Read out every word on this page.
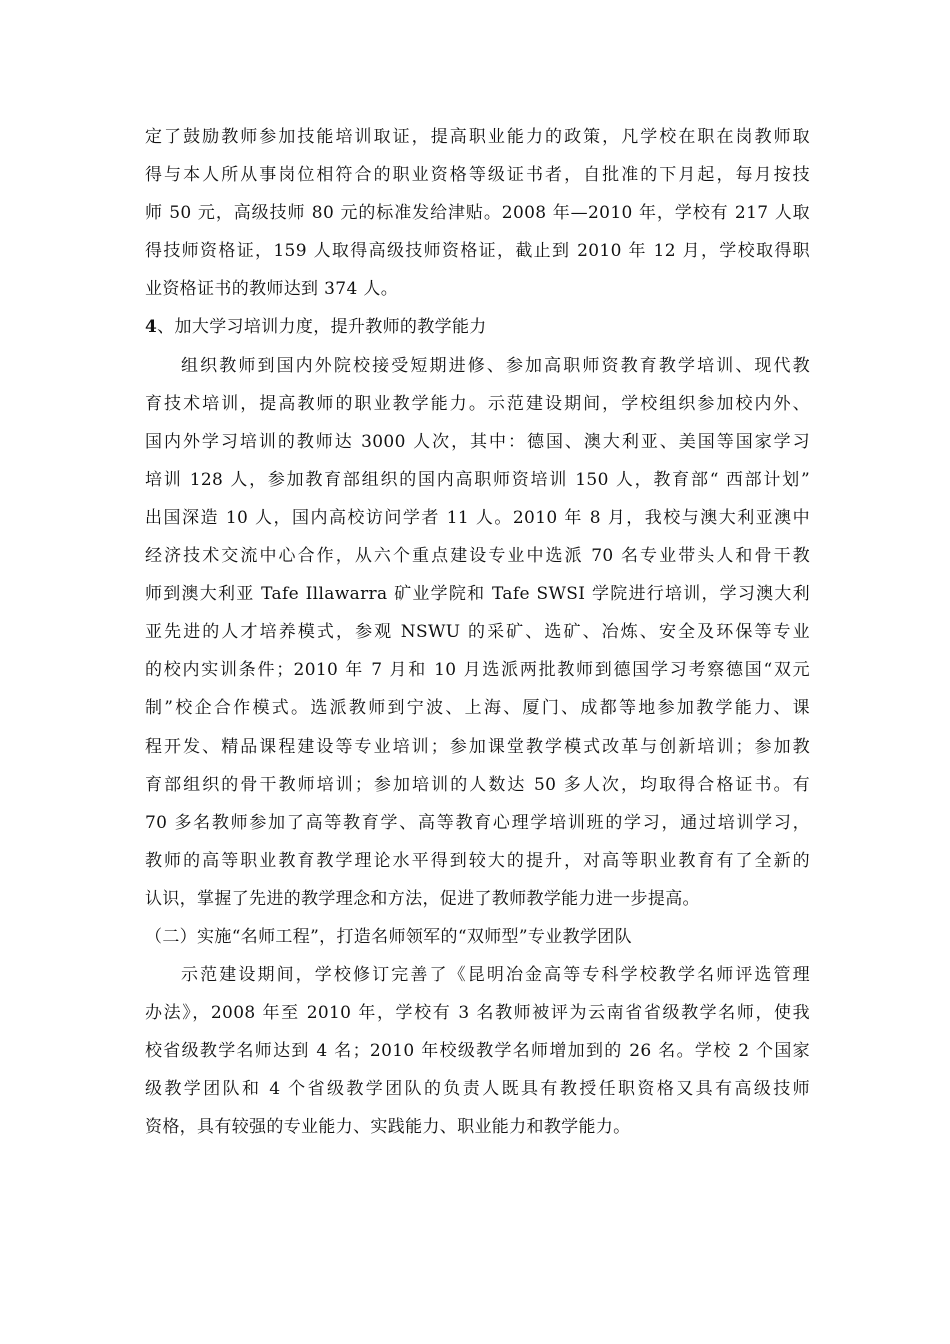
定了鼓励教师参加技能培训取证，提高职业能力的政策，凡学校在职在岗教师取
得与本人所从事岗位相符合的职业资格等级证书者，自批准的下月起，每月按技
师 50 元，高级技师 80 元的标准发给津贴。2008 年—2010 年，学校有 217 人取
得技师资格证，159 人取得高级技师资格证，截止到 2010 年 12 月，学校取得职
业资格证书的教师达到 374 人。
4、加大学习培训力度，提升教师的教学能力
组织教师到国内外院校接受短期进修、参加高职师资教育教学培训、现代教
育技术培训，提高教师的职业教学能力。示范建设期间，学校组织参加校内外、
国内外学习培训的教师达 3000 人次，其中：德国、澳大利亚、美国等国家学习
培训 128 人，参加教育部组织的国内高职师资培训 150 人，教育部“ 西部计划”
出国深造 10 人，国内高校访问学者 11 人。2010 年 8 月，我校与澳大利亚澳中
经济技术交流中心合作，从六个重点建设专业中选派 70 名专业带头人和骨干教
师到澳大利亚 Tafe Illawarra 矿业学院和 Tafe SWSI 学院进行培训，学习澳大利
亚先进的人才培养模式，参观 NSWU 的采矿、选矿、冶炼、安全及环保等专业
的校内实训条件；2010 年 7 月和 10 月选派两批教师到德国学习考察德国“双元
制”校企合作模式。选派教师到宁波、上海、厦门、成都等地参加教学能力、课
程开发、精品课程建设等专业培训；参加课堂教学模式改革与创新培训；参加教
育部组织的骨干教师培训；参加培训的人数达 50 多人次，均取得合格证书。有
70 多名教师参加了高等教育学、高等教育心理学培训班的学习，通过培训学习，
教师的高等职业教育教学理论水平得到较大的提升，对高等职业教育有了全新的
认识，掌握了先进的教学理念和方法，促进了教师教学能力进一步提高。
（二）实施“名师工程”，打造名师领军的“双师型”专业教学团队
示范建设期间，学校修订完善了《昆明冶金高等专科学校教学名师评选管理
办法》，2008 年至 2010 年，学校有 3 名教师被评为云南省省级教学名师，使我
校省级教学名师达到 4 名；2010 年校级教学名师增加到的 26 名。学校 2 个国家
级教学团队和 4 个省级教学团队的负责人既具有教授任职资格又具有高级技师
资格，具有较强的专业能力、实践能力、职业能力和教学能力。
